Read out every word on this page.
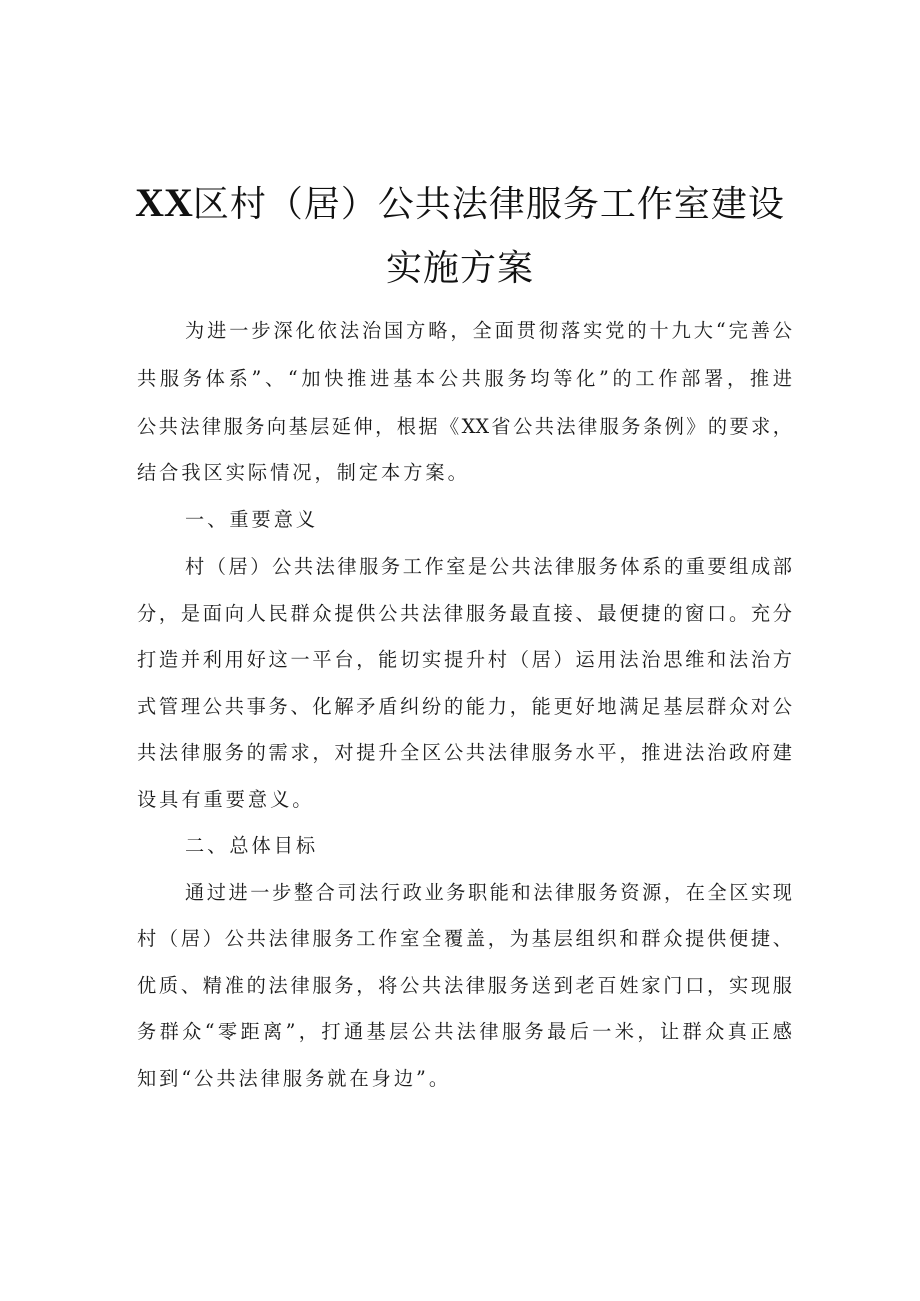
XX区村（居）公共法律服务工作室建设
实施方案
为进一步深化依法治国方略，全面贯彻落实党的十九大“完善公
共服务体系”、“加快推进基本公共服务均等化”的工作部署，推进
公共法律服务向基层延伸，根据《XX省公共法律服务条例》的要求，
结合我区实际情况，制定本方案。
一、重要意义
村（居）公共法律服务工作室是公共法律服务体系的重要组成部
分，是面向人民群众提供公共法律服务最直接、最便捷的窗口。充分
打造并利用好这一平台，能切实提升村（居）运用法治思维和法治方
式管理公共事务、化解矛盾纠纷的能力，能更好地满足基层群众对公
共法律服务的需求，对提升全区公共法律服务水平，推进法治政府建
设具有重要意义。
二、总体目标
通过进一步整合司法行政业务职能和法律服务资源，在全区实现
村（居）公共法律服务工作室全覆盖，为基层组织和群众提供便捷、
优质、精准的法律服务，将公共法律服务送到老百姓家门口，实现服
务群众“零距离”，打通基层公共法律服务最后一米，让群众真正感
知到“公共法律服务就在身边”。
